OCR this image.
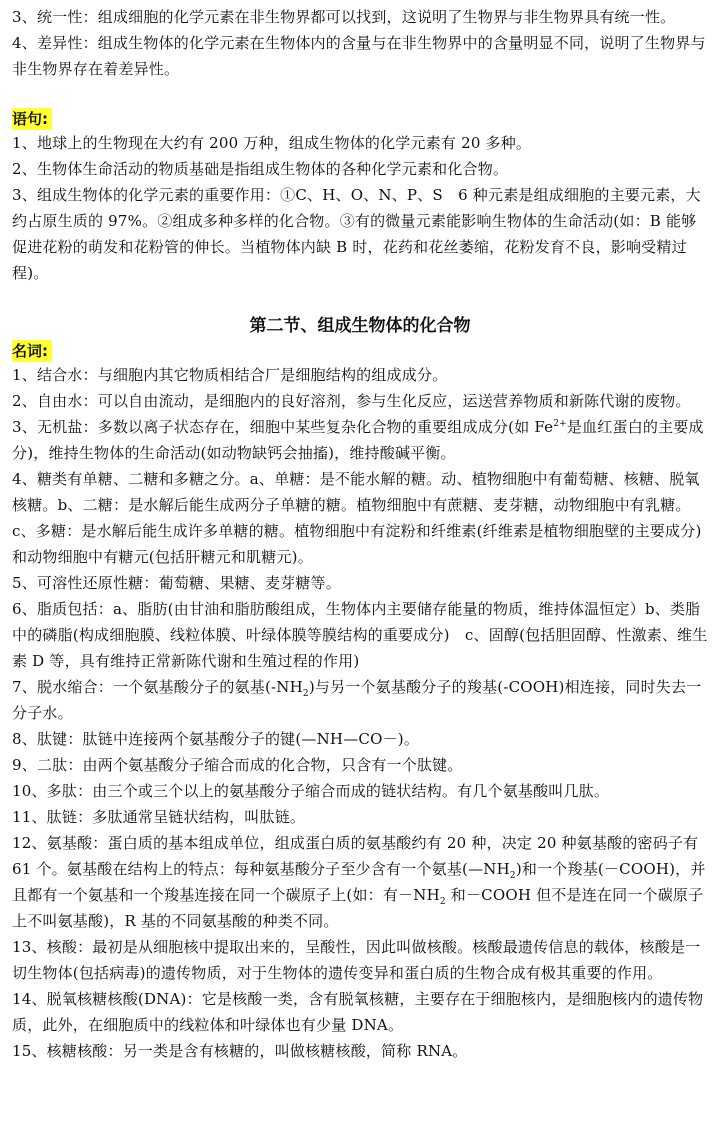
3、统一性：组成细胞的化学元素在非生物界都可以找到，这说明了生物界与非生物界具有统一性。

4、差异性：组成生物体的化学元素在生物体内的含量与在非生物界中的含量明显不同，说明了生物界与非生物界存在着差异性。

语句:

1、地球上的生物现在大约有 200 万种，组成生物体的化学元素有 20 多种。

2、生物体生命活动的物质基础是指组成生物体的各种化学元素和化合物。

3、组成生物体的化学元素的重要作用：①C、H、O、N、P、S　6 种元素是组成细胞的主要元素，大约占原生质的 97%。②组成多种多样的化合物。③有的微量元素能影响生物体的生命活动(如：B 能够促进花粉的萌发和花粉管的伸长。当植物体内缺 B 时，花药和花丝萎缩，花粉发育不良，影响受精过程)。

第二节、组成生物体的化合物

名词:

1、结合水：与细胞内其它物质相结合厂是细胞结构的组成成分。

2、自由水：可以自由流动，是细胞内的良好溶剂，参与生化反应，运送营养物质和新陈代谢的废物。

3、无机盐：多数以离子状态存在，细胞中某些复杂化合物的重要组成成分(如 $Fe^{2+}$是血红蛋白的主要成分)，维持生物体的生命活动(如动物缺钙会抽搐)，维持酸碱平衡。

4、糖类有单糖、二糖和多糖之分。a、单糖：是不能水解的糖。动、植物细胞中有葡萄糖、核糖、脱氧核糖。b、二糖：是水解后能生成两分子单糖的糖。植物细胞中有蔗糖、麦芽糖，动物细胞中有乳糖。c、多糖：是水解后能生成许多单糖的糖。植物细胞中有淀粉和纤维素(纤维素是植物细胞壁的主要成分)和动物细胞中有糖元(包括肝糖元和肌糖元)。

5、可溶性还原性糖：葡萄糖、果糖、麦芽糖等。

6、脂质包括：a、脂肪(由甘油和脂肪酸组成，生物体内主要储存能量的物质，维持体温恒定）b、类脂中的磷脂(构成细胞膜、线粒体膜、叶绿体膜等膜结构的重要成分)　c、固醇(包括胆固醇、性激素、维生素 D 等，具有维持正常新陈代谢和生殖过程的作用)

7、脱水缩合：一个氨基酸分子的氨基$(-NH_2)$与另一个氨基酸分子的羧基(-COOH)相连接，同时失去一分子水。

8、肽键：肽链中连接两个氨基酸分子的键(—NH—CO－)。

9、二肽：由两个氨基酸分子缩合而成的化合物，只含有一个肽键。

10、多肽：由三个或三个以上的氨基酸分子缩合而成的链状结构。有几个氨基酸叫几肽。

11、肽链：多肽通常呈链状结构，叫肽链。

12、氨基酸：蛋白质的基本组成单位，组成蛋白质的氨基酸约有 20 种，决定 20 种氨基酸的密码子有 61 个。氨基酸在结构上的特点：每种氨基酸分子至少含有一个氨基$(—NH_2)$和一个羧基(－COOH)，并且都有一个氨基和一个羧基连接在同一个碳原子上(如：有$-NH_2$ 和－COOH 但不是连在同一个碳原子上不叫氨基酸)，R 基的不同氨基酸的种类不同。

13、核酸：最初是从细胞核中提取出来的，呈酸性，因此叫做核酸。核酸最遗传信息的载体，核酸是一切生物体(包括病毒)的遗传物质，对于生物体的遗传变异和蛋白质的生物合成有极其重要的作用。

14、脱氧核糖核酸(DNA)：它是核酸一类，含有脱氧核糖，主要存在于细胞核内，是细胞核内的遗传物质，此外，在细胞质中的线粒体和叶绿体也有少量 DNA。

15、核糖核酸：另一类是含有核糖的，叫做核糖核酸，简称 RNA。
